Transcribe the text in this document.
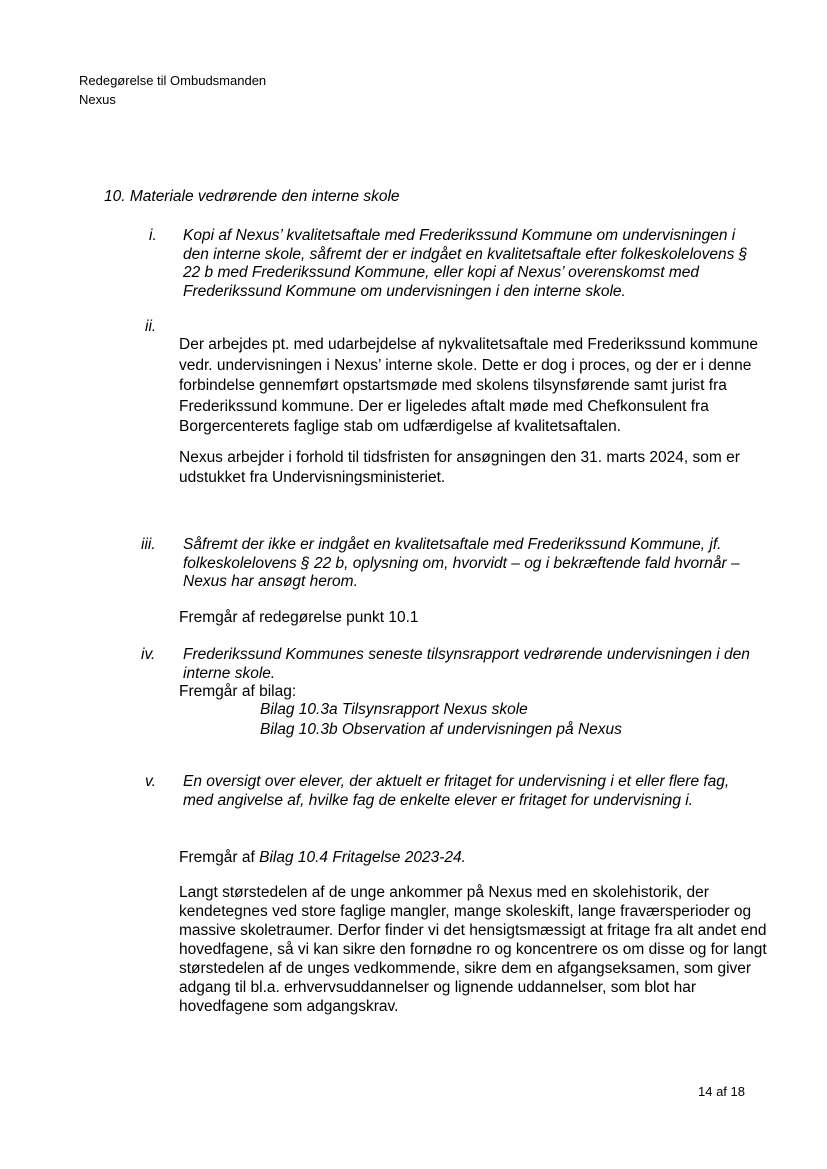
Redegørelse til Ombudsmanden
Nexus
10. Materiale vedrørende den interne skole
i. Kopi af Nexus’ kvalitetsaftale med Frederikssund Kommune om undervisningen i den interne skole, såfremt der er indgået en kvalitetsaftale efter folkeskolelovens § 22 b med Frederikssund Kommune, eller kopi af Nexus’ overenskomst med Frederikssund Kommune om undervisningen i den interne skole.
ii.

Der arbejdes pt. med udarbejdelse af nykvalitetsaftale med Frederikssund kommune vedr. undervisningen i Nexus’ interne skole. Dette er dog i proces, og der er i denne forbindelse gennemført opstartsmøde med skolens tilsynsførende samt jurist fra Frederikssund kommune. Der er ligeledes aftalt møde med Chefkonsulent fra Borgercenterets faglige stab om udfærdigelse af kvalitetsaftalen.

Nexus arbejder i forhold til tidsfristen for ansøgningen den 31. marts 2024, som er udstukket fra Undervisningsministeriet.

iii. Såfremt der ikke er indgået en kvalitetsaftale med Frederikssund Kommune, jf. folkeskolelovens § 22 b, oplysning om, hvorvidt – og i bekræftende fald hvornår – Nexus har ansøgt herom.
Fremgår af redegørelse punkt 10.1
iv. Frederikssund Kommunes seneste tilsynsrapport vedrørende undervisningen i den interne skole.
Fremgår af bilag:
Bilag 10.3a Tilsynsrapport Nexus skole
Bilag 10.3b Observation af undervisningen på Nexus
v. En oversigt over elever, der aktuelt er fritaget for undervisning i et eller flere fag, med angivelse af, hvilke fag de enkelte elever er fritaget for undervisning i.
Fremgår af Bilag 10.4 Fritagelse 2023-24.
Langt størstedelen af de unge ankommer på Nexus med en skolehistorik, der kendetegnes ved store faglige mangler, mange skoleskift, lange fraværsperioder og massive skoletraumer. Derfor finder vi det hensigtsmæssigt at fritage fra alt andet end hovedfagene, så vi kan sikre den fornødne ro og koncentrere os om disse og for langt størstedelen af de unges vedkommende, sikre dem en afgangseksamen, som giver adgang til bl.a. erhvervsuddannelser og lignende uddannelser, som blot har hovedfagene som adgangskrav.
14 af 18
